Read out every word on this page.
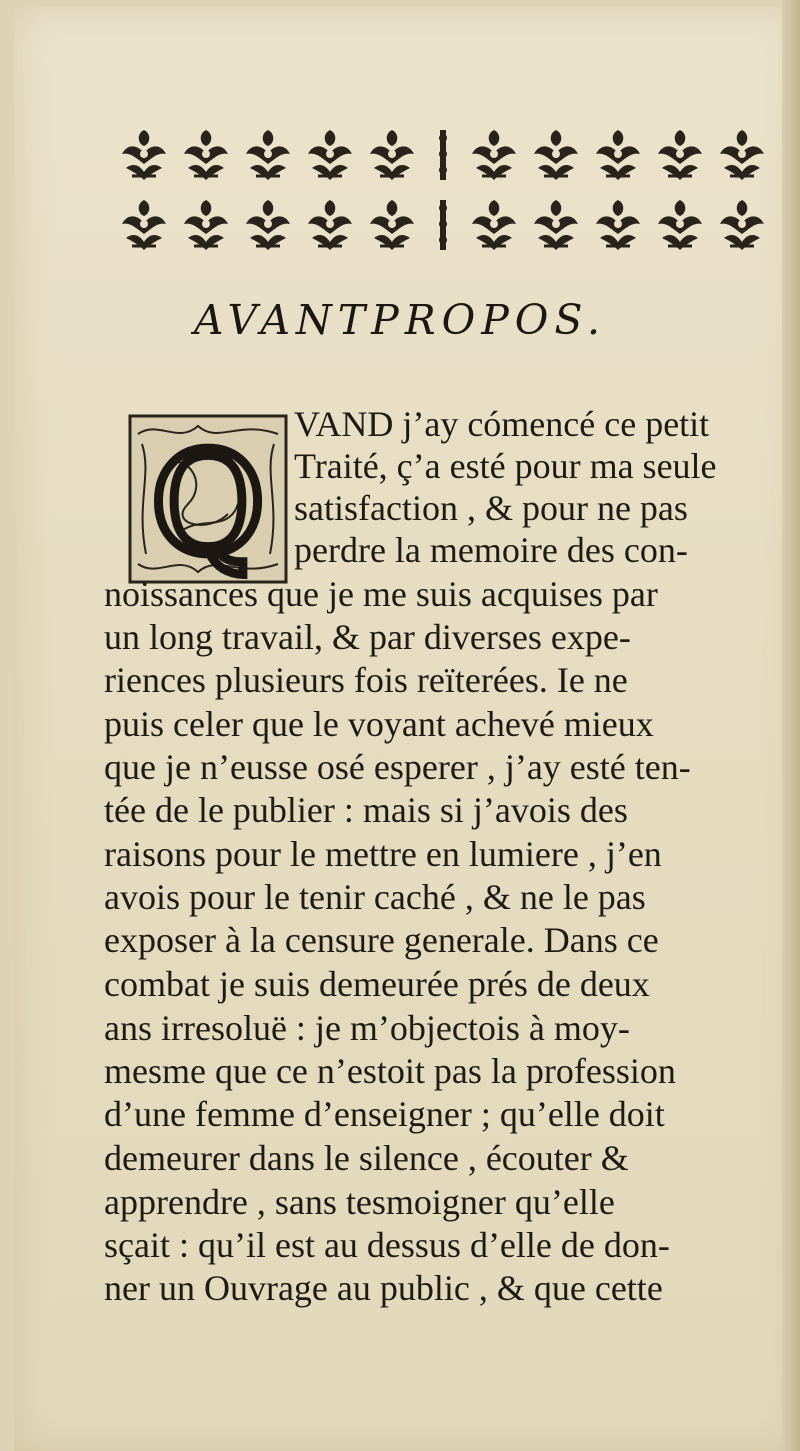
AVANTPROPOS.
Q VAND j’ay cómencé ce petit
Traité, ç’a esté pour ma seule
satisfaction , & pour ne pas
perdre la memoire des con-
noissances que je me suis acquises par
un long travail, & par diverses expe-
riences plusieurs fois reïterées. Ie ne
puis celer que le voyant achevé mieux
que je n’eusse osé esperer , j’ay esté ten-
tée de le publier : mais si j’avois des
raisons pour le mettre en lumiere , j’en
avois pour le tenir caché , & ne le pas
exposer à la censure generale. Dans ce
combat je suis demeurée prés de deux
ans irresoluë : je m’objectois à moy-
mesme que ce n’estoit pas la profession
d’une femme d’enseigner ; qu’elle doit
demeurer dans le silence , écouter &
apprendre , sans tesmoigner qu’elle
sçait : qu’il est au dessus d’elle de don-
ner un Ouvrage au public , & que cette
